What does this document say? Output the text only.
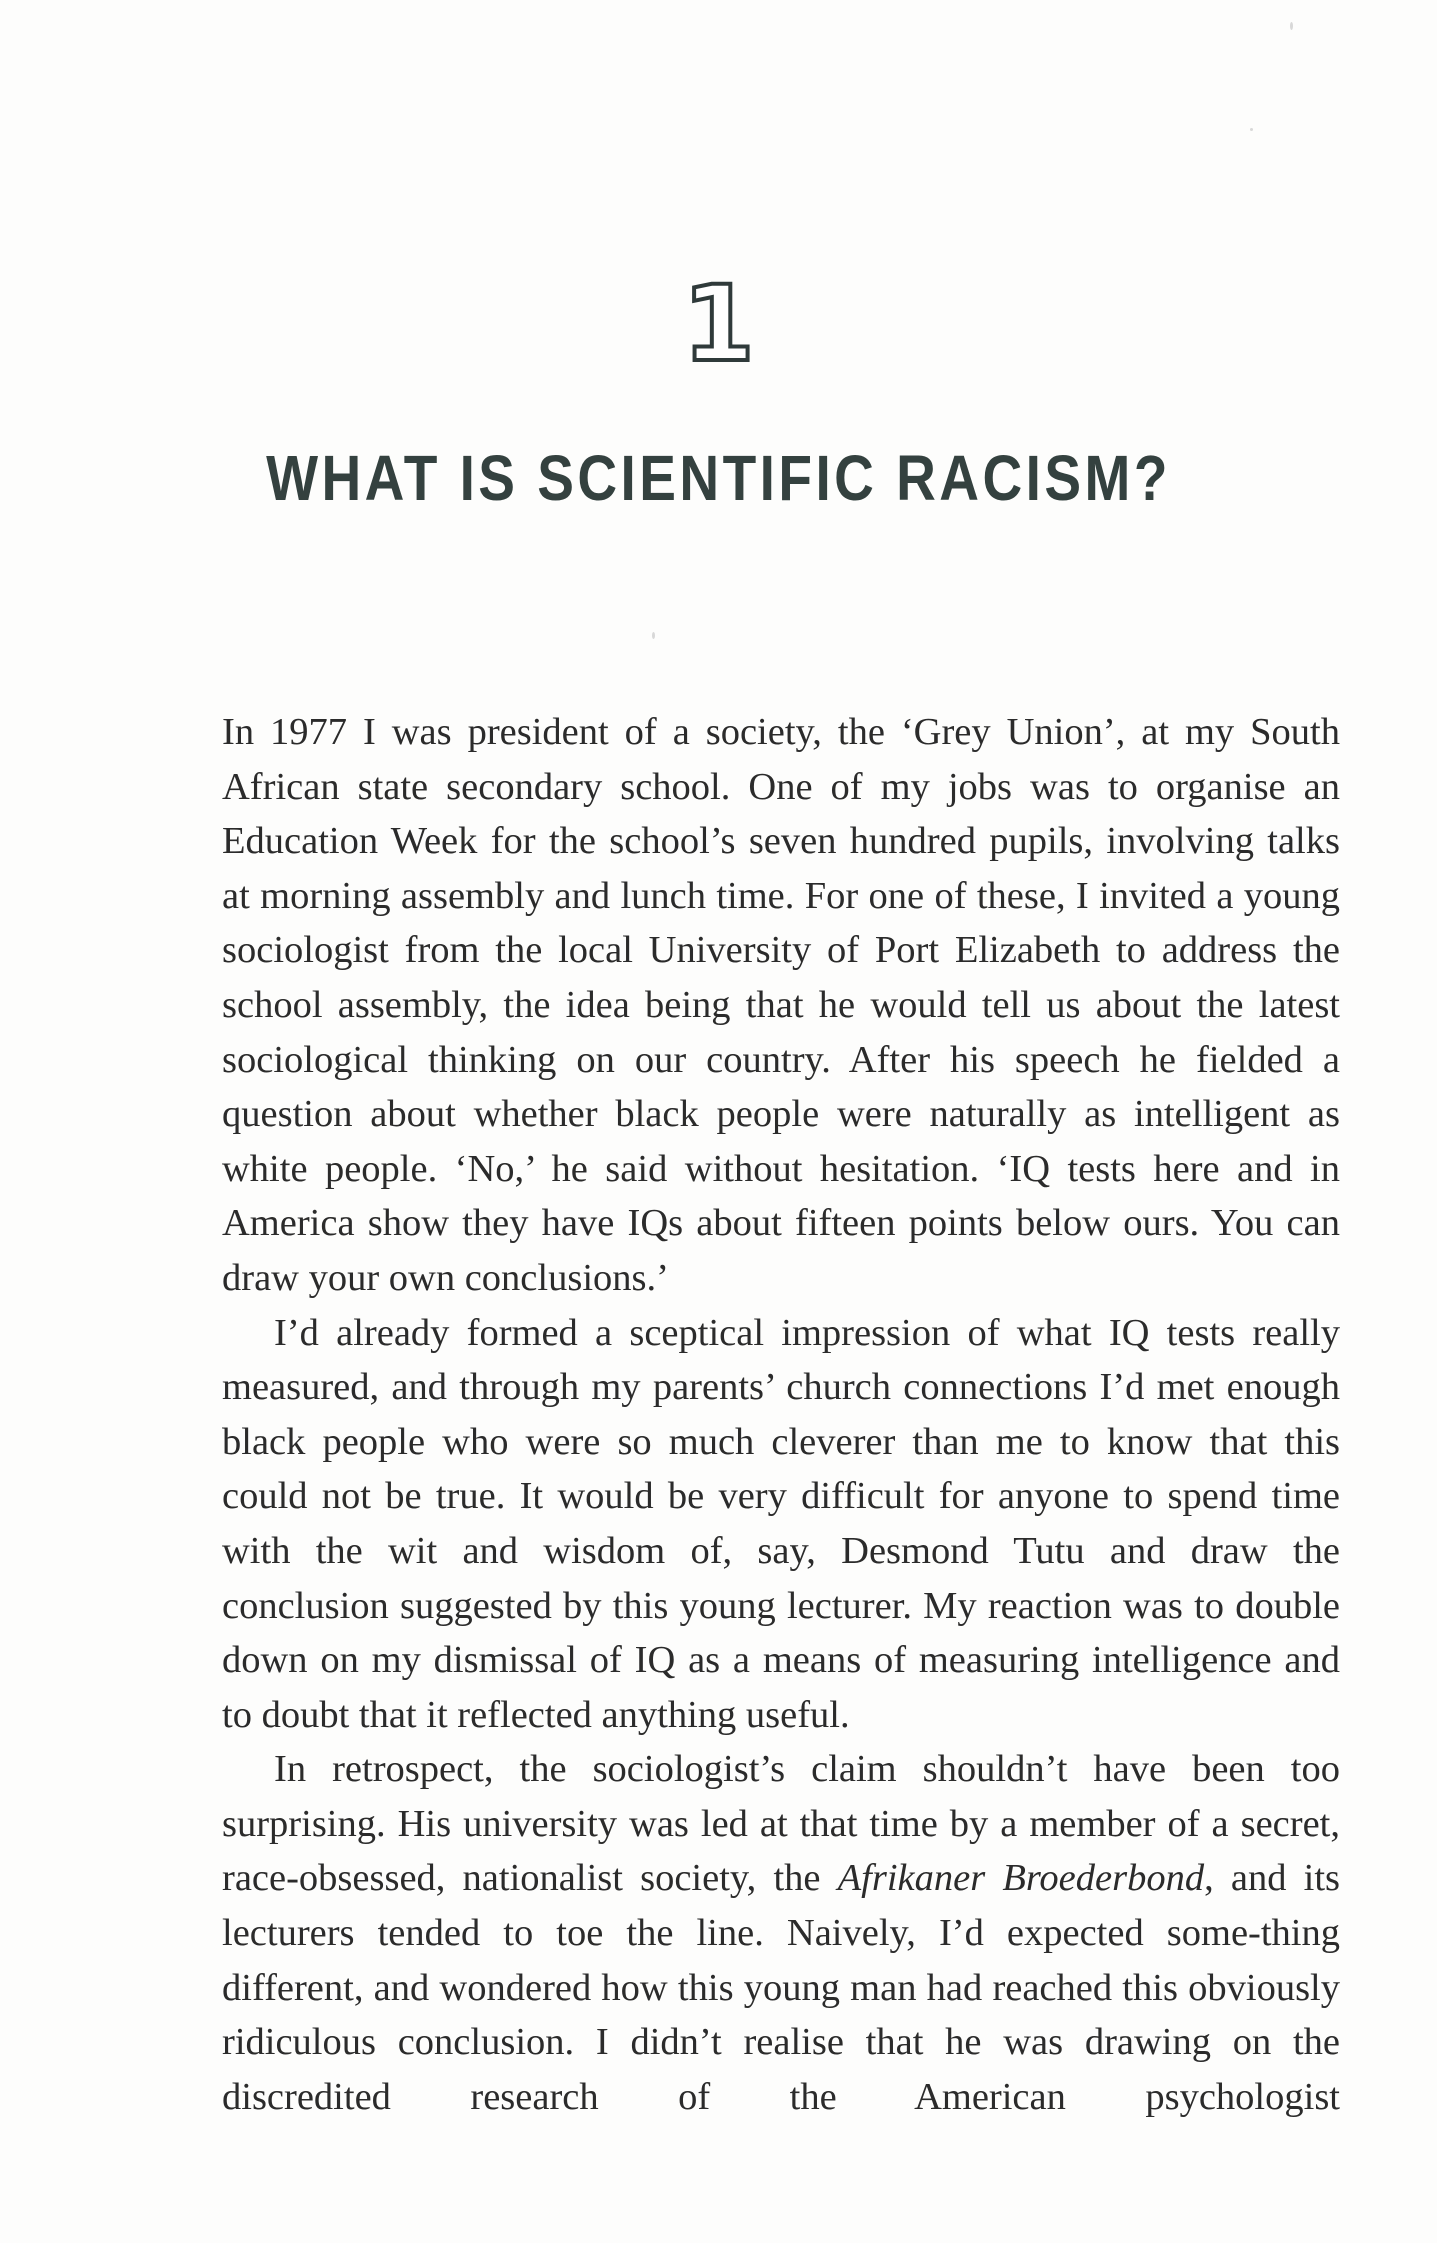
1
WHAT IS SCIENTIFIC RACISM?

In 1977 I was president of a society, the ‘Grey Union’, at my South African state secondary school. One of my jobs was to organise an Education Week for the school’s seven hundred pupils, involving talks at morning assembly and lunch time. For one of these, I invited a young sociologist from the local University of Port Elizabeth to address the school assembly, the idea being that he would tell us about the latest sociological thinking on our country. After his speech he fielded a question about whether black people were naturally as intelligent as white people. ‘No,’ he said without hesitation. ‘IQ tests here and in America show they have IQs about fifteen points below ours. You can draw your own conclusions.’

I’d already formed a sceptical impression of what IQ tests really measured, and through my parents’ church connections I’d met enough black people who were so much cleverer than me to know that this could not be true. It would be very difficult for anyone to spend time with the wit and wisdom of, say, Desmond Tutu and draw the conclusion suggested by this young lecturer. My reaction was to double down on my dismissal of IQ as a means of measuring intelligence and to doubt that it reflected anything useful.

In retrospect, the sociologist’s claim shouldn’t have been too surprising. His university was led at that time by a member of a secret, race-obsessed, nationalist society, the Afrikaner Broederbond, and its lecturers tended to toe the line. Naively, I’d expected some-thing different, and wondered how this young man had reached this obviously ridiculous conclusion. I didn’t realise that he was drawing on the discredited research of the American psychologist
